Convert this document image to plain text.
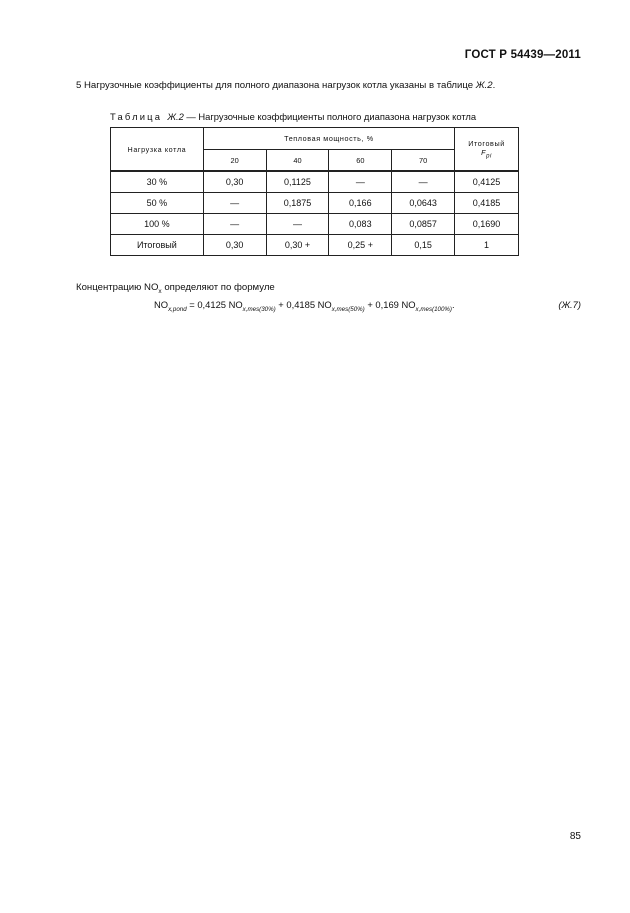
ГОСТ Р 54439—2011
5 Нагрузочные коэффициенты для полного диапазона нагрузок котла указаны в таблице Ж.2.
Таблица Ж.2 — Нагрузочные коэффициенты полного диапазона нагрузок котла
Нагрузка котла	Тепловая мощность, %				Итоговый
$F_{pi}$

	20	40	60	70	
30 %	0,30	0,1125	—	—	0,4125
50 %	—	0,1875	0,166	0,0643	0,4185
100 %	—	—	0,083	0,0857	0,1690
Итоговый	0,30	0,30 +	0,25 +	0,15	1
Концентрацию $NO_x$ определяют по формуле
$NO_{x,pond} = 0,4125$ $NO_{x,mes(30\%)} + 0,4185$ $NO_{x,mes(50\%)} + 0,169$ $NO_{x,mes(100\%)}$.	(Ж.7)
85
